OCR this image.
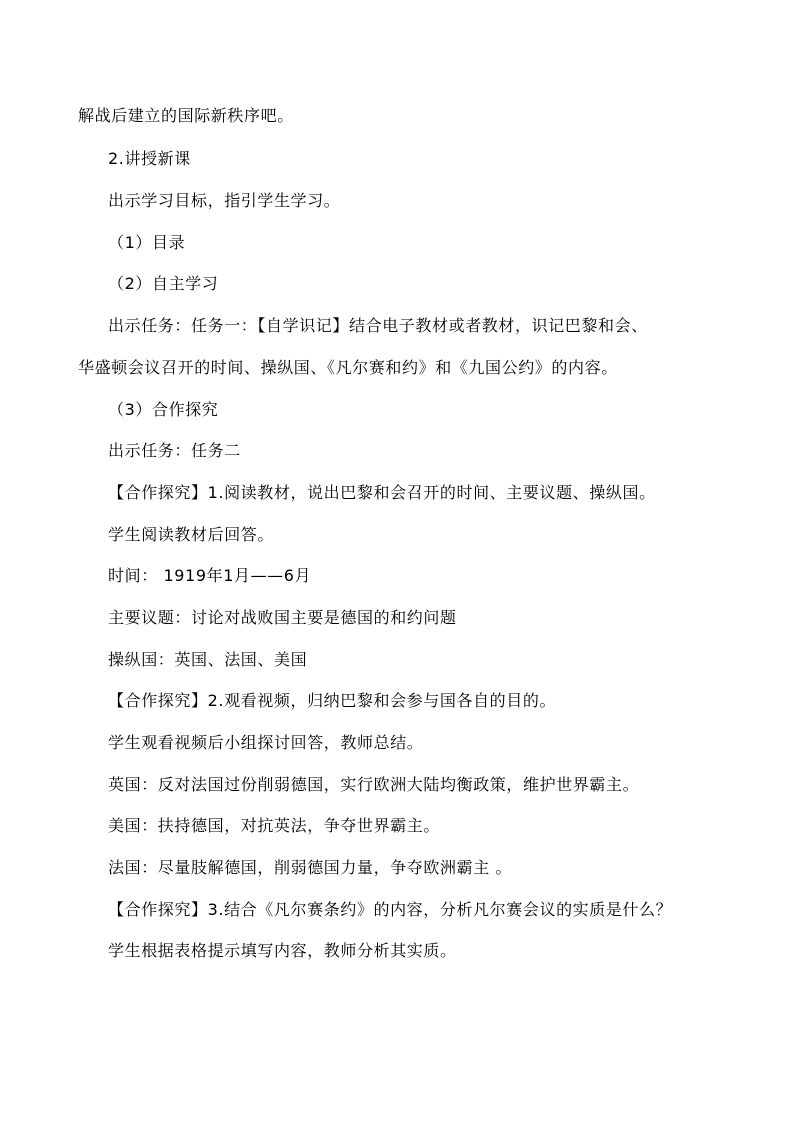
解战后建立的国际新秩序吧。
2.讲授新课
出示学习目标，指引学生学习。
（1）目录
（2）自主学习
出示任务：任务一：【自学识记】结合电子教材或者教材，识记巴黎和会、
华盛顿会议召开的时间、操纵国、《凡尔赛和约》和《九国公约》的内容。
（3）合作探究
出示任务：任务二
【合作探究】1.阅读教材，说出巴黎和会召开的时间、主要议题、操纵国。
学生阅读教材后回答。
时间： 1919年1月——6月
主要议题：讨论对战败国主要是德国的和约问题
操纵国：英国、法国、美国
【合作探究】2.观看视频，归纳巴黎和会参与国各自的目的。
学生观看视频后小组探讨回答，教师总结。
英国：反对法国过份削弱德国，实行欧洲大陆均衡政策，维护世界霸主。
美国：扶持德国，对抗英法，争夺世界霸主。
法国：尽量肢解德国，削弱德国力量，争夺欧洲霸主 。
【合作探究】3.结合《凡尔赛条约》的内容，分析凡尔赛会议的实质是什么？
学生根据表格提示填写内容，教师分析其实质。
